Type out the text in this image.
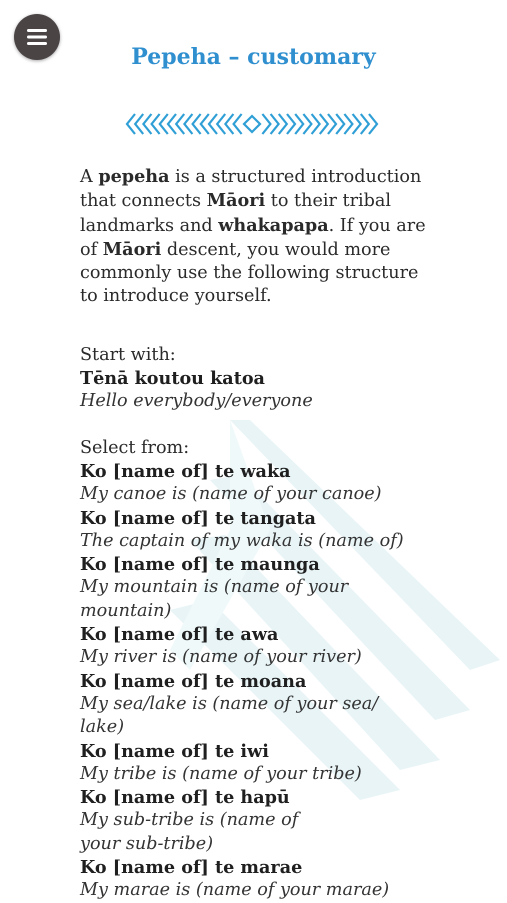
Pepeha – customary

A pepeha is a structured introduction that connects Māori to their tribal landmarks and whakapapa. If you are of Māori descent, you would more commonly use the following structure to introduce yourself.

Start with:

Tēnā koutou katoa

Hello everybody/everyone

Select from:

Ko [name of] te waka

My canoe is (name of your canoe)

Ko [name of] te tangata

The captain of my waka is (name of)

Ko [name of] te maunga

My mountain is (name of your mountain)

Ko [name of] te awa

My river is (name of your river)

Ko [name of] te moana

My sea/lake is (name of your sea/ lake)

Ko [name of] te iwi

My tribe is (name of your tribe)

Ko [name of] te hapū

My sub-tribe is (name of your sub-tribe)

Ko [name of] te marae

My marae is (name of your marae)
